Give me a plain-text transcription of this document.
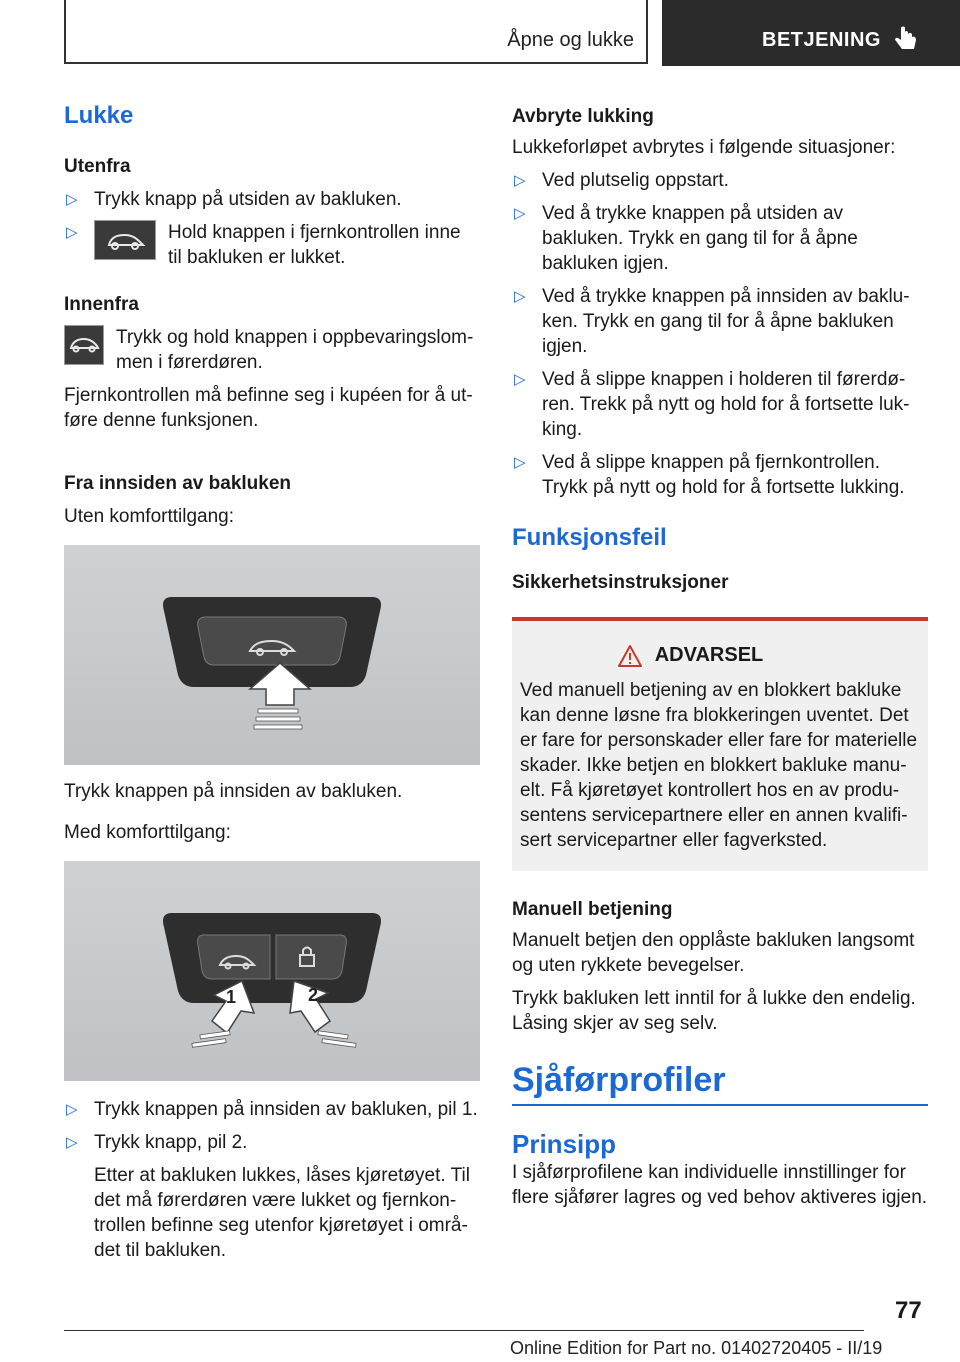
Åpne og lukke	BETJENING
Lukke

Utenfra

▷ Trykk knapp på utsiden av bakluken.
▷	Hold knappen i fjernkontrollen inne til bakluken er lukket.

Innenfra

Trykk og hold knappen i oppbevaringslom-men i førerdøren.

Fjernkontrollen må befinne seg i kupéen for å ut-føre denne funksjonen.

Fra innsiden av bakluken

Uten komforttilgang:

Trykk knappen på innsiden av bakluken.

Med komforttilgang:

1	2
▷ Trykk knappen på innsiden av bakluken, pil 1.
▷ Trykk knapp, pil 2.

Etter at bakluken lukkes, låses kjøretøyet. Til det må førerdøren være lukket og fjernkon-trollen befinne seg utenfor kjøretøyet i områ-det til bakluken.

Avbryte lukking

Lukkeforløpet avbrytes i følgende situasjoner:

▷ Ved plutselig oppstart.
▷ Ved å trykke knappen på utsiden av bakluken. Trykk en gang til for å åpne bakluken igjen.
▷ Ved å trykke knappen på innsiden av baklu-ken. Trykk en gang til for å åpne bakluken igjen.
▷ Ved å slippe knappen i holderen til førerdø-ren. Trekk på nytt og hold for å fortsette luk-king.
▷ Ved å slippe knappen på fjernkontrollen. Trykk på nytt og hold for å fortsette lukking.
Funksjonsfeil

Sikkerhetsinstruksjoner

ADVARSEL

Ved manuell betjening av en blokkert bakluke kan denne løsne fra blokkeringen uventet. Det er fare for personskader eller fare for materielle skader. Ikke betjen en blokkert bakluke manu-elt. Få kjøretøyet kontrollert hos en av produ-sentens servicepartnere eller en annen kvalifi-sert servicepartner eller fagverksted.

Manuell betjening

Manuelt betjen den opplåste bakluken langsomt og uten rykkete bevegelser.

Trykk bakluken lett inntil for å lukke den endelig. Låsing skjer av seg selv.

Sjåførprofiler
Prinsipp

I sjåførprofilene kan individuelle innstillinger for flere sjåfører lagres og ved behov aktiveres igjen.

77
Online Edition for Part no. 01402720405 - II/19
